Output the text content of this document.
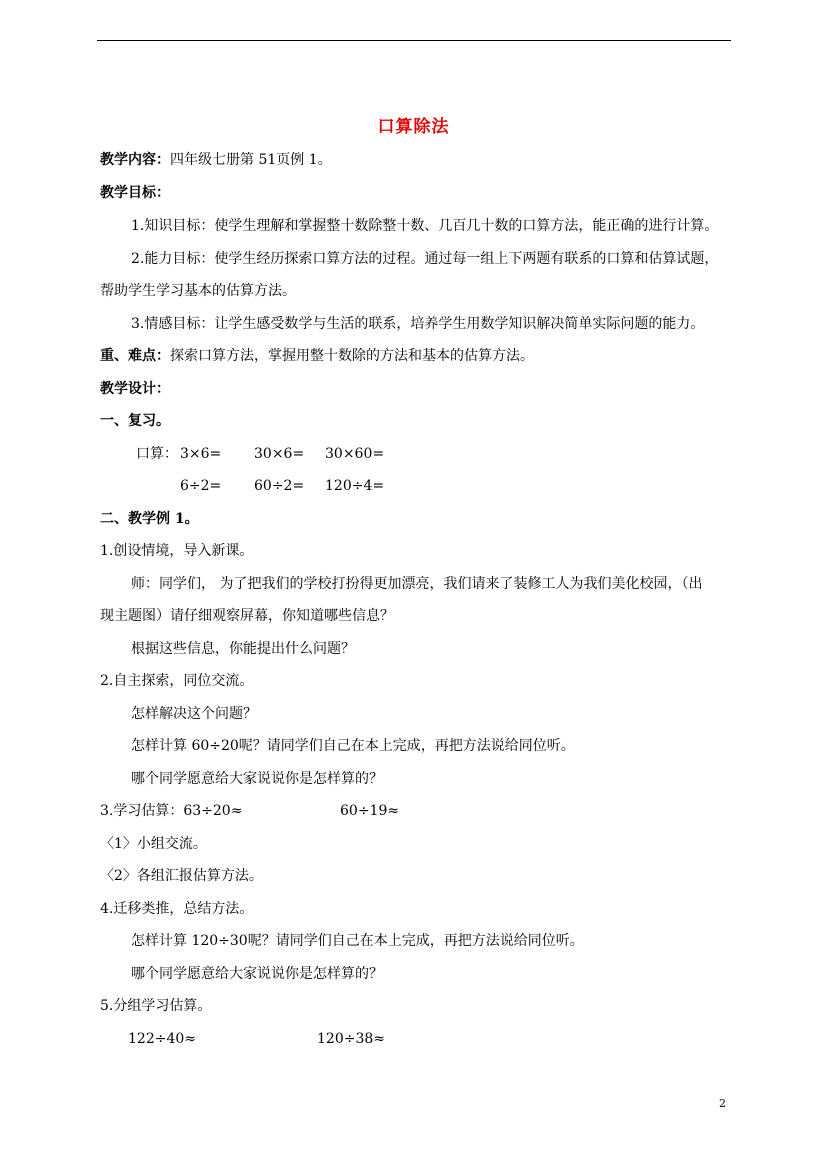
口算除法
教学内容：四年级七册第 51页例 1。
教学目标：
1.知识目标：使学生理解和掌握整十数除整十数、几百几十数的口算方法，能正确的进行计算。
2.能力目标：使学生经历探索口算方法的过程。通过每一组上下两题有联系的口算和估算试题，
帮助学生学习基本的估算方法。
3.情感目标：让学生感受数学与生活的联系，培养学生用数学知识解决简单实际问题的能力。
重、难点：探索口算方法，掌握用整十数除的方法和基本的估算方法。
教学设计：
一、复习。
口算： 3×6= 30×6= 30×60=
6÷2= 60÷2= 120÷4=
二、教学例 1。
1.创设情境，导入新课。
师：同学们， 为了把我们的学校打扮得更加漂亮，我们请来了装修工人为我们美化校园，（出
现主题图）请仔细观察屏幕，你知道哪些信息？
根据这些信息，你能提出什么问题？
2.自主探索，同位交流。
怎样解决这个问题？
怎样计算 60÷20呢？请同学们自己在本上完成，再把方法说给同位听。
哪个同学愿意给大家说说你是怎样算的？
3.学习估算：63÷20≈	60÷19≈
〈1〉小组交流。
〈2〉各组汇报估算方法。
4.迁移类推，总结方法。
怎样计算 120÷30呢？请同学们自己在本上完成，再把方法说给同位听。
哪个同学愿意给大家说说你是怎样算的？
5.分组学习估算。
122÷40≈	120÷38≈
2
